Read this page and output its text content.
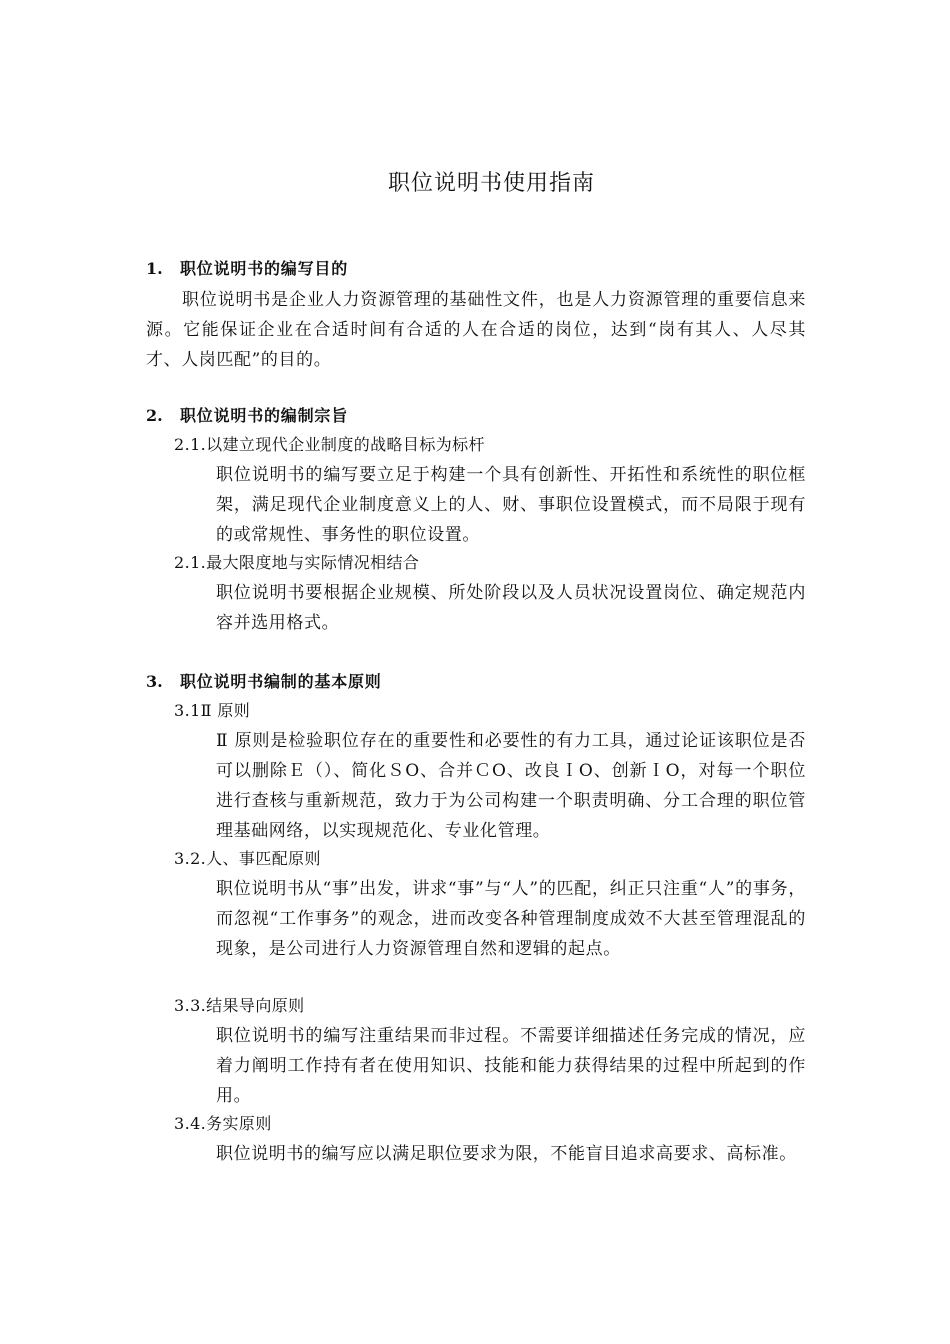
职位说明书使用指南
1. 职位说明书的编写目的
职位说明书是企业人力资源管理的基础性文件，也是人力资源管理的重要信息来源。它能保证企业在合适时间有合适的人在合适的岗位，达到“岗有其人、人尽其才、人岗匹配”的目的。
2. 职位说明书的编制宗旨
2.1.以建立现代企业制度的战略目标为标杆
职位说明书的编写要立足于构建一个具有创新性、开拓性和系统性的职位框架，满足现代企业制度意义上的人、财、事职位设置模式，而不局限于现有的或常规性、事务性的职位设置。
2.1.最大限度地与实际情况相结合
职位说明书要根据企业规模、所处阶段以及人员状况设置岗位、确定规范内容并选用格式。
3. 职位说明书编制的基本原则
3.1Ⅱ 原则
Ⅱ 原则是检验职位存在的重要性和必要性的有力工具，通过论证该职位是否可以删除Ｅ（）、简化ＳO、合并ＣO、改良ＩO、创新ＩO，对每一个职位进行查核与重新规范，致力于为公司构建一个职责明确、分工合理的职位管理基础网络，以实现规范化、专业化管理。
3.2.人、事匹配原则
职位说明书从“事”出发，讲求“事”与“人”的匹配，纠正只注重“人”的事务，而忽视“工作事务”的观念，进而改变各种管理制度成效不大甚至管理混乱的现象，是公司进行人力资源管理自然和逻辑的起点。
3.3.结果导向原则
职位说明书的编写注重结果而非过程。不需要详细描述任务完成的情况，应着力阐明工作持有者在使用知识、技能和能力获得结果的过程中所起到的作用。
3.4.务实原则
职位说明书的编写应以满足职位要求为限，不能盲目追求高要求、高标准。
